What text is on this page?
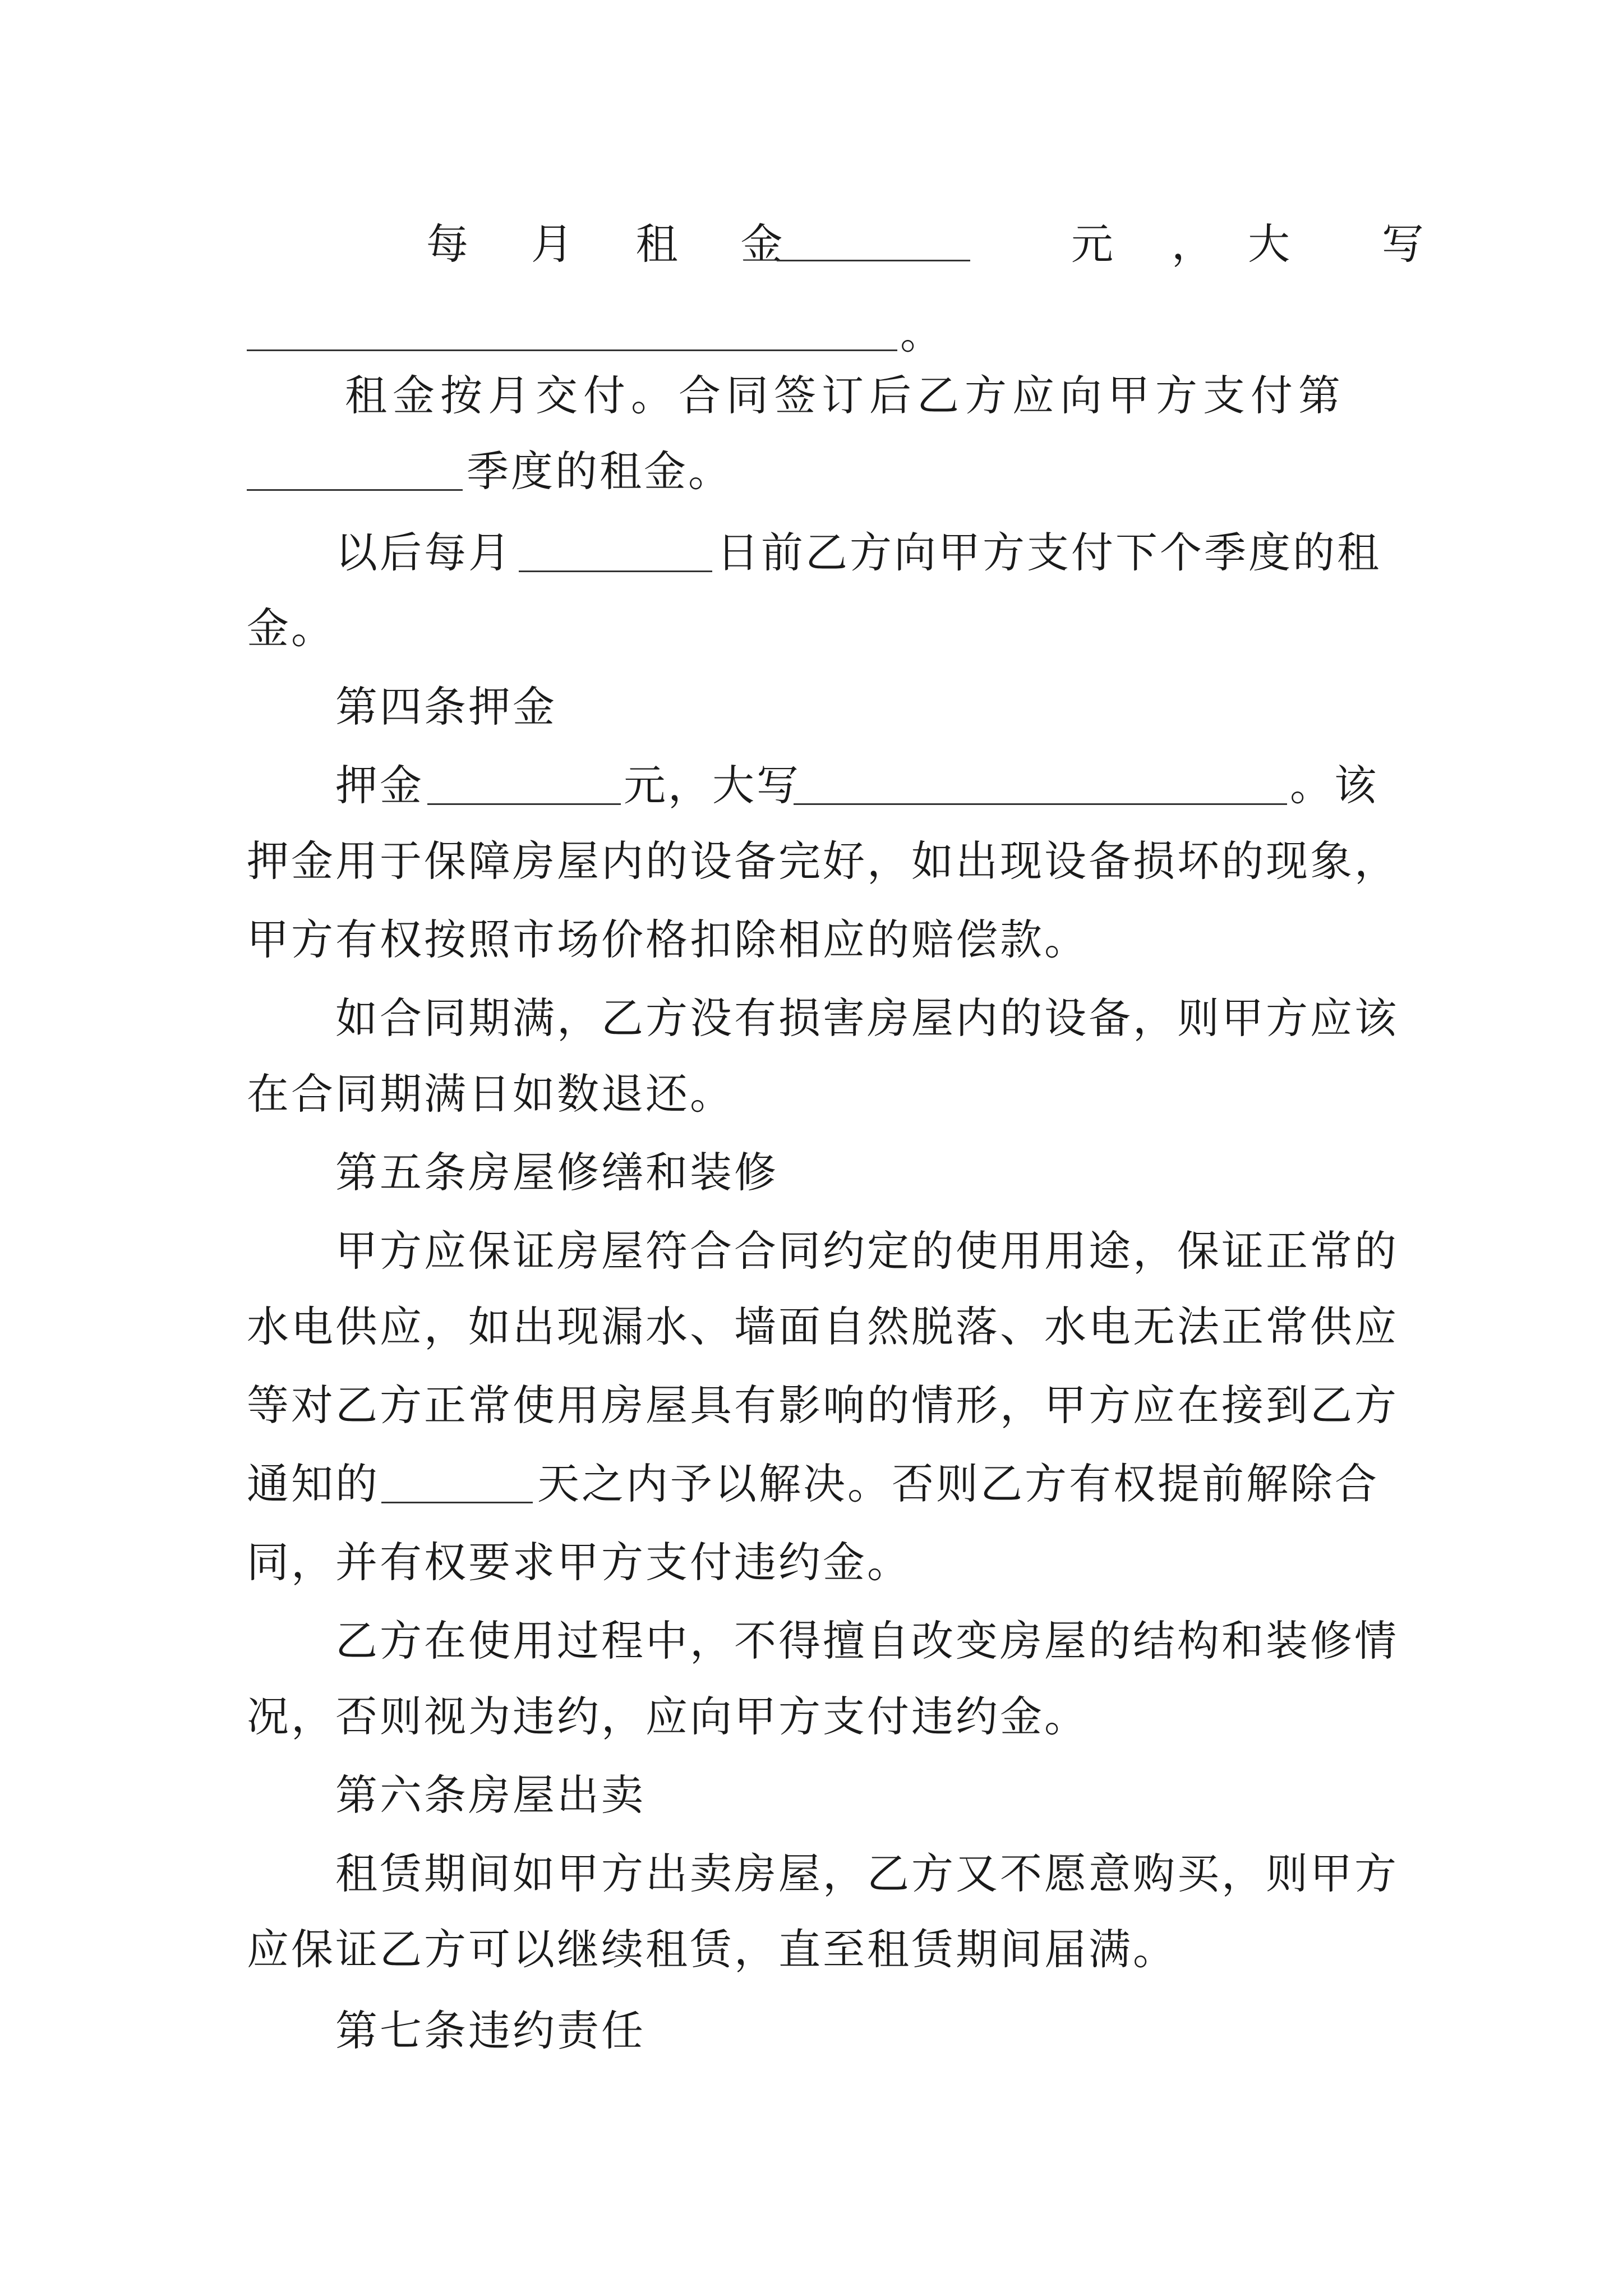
每 月 租 金	元 ， 大 写
。
租金按月交付。合同签订后乙方应向甲方支付第
季度的租金。
以后每月	日前乙方向甲方支付下个季度的租
金。
第四条押金
押金	元，大写	。该
押金用于保障房屋内的设备完好，如出现设备损坏的现象，
甲方有权按照市场价格扣除相应的赔偿款。
如合同期满，乙方没有损害房屋内的设备，则甲方应该
在合同期满日如数退还。
第五条房屋修缮和装修
甲方应保证房屋符合合同约定的使用用途，保证正常的
水电供应，如出现漏水、墙面自然脱落、水电无法正常供应
等对乙方正常使用房屋具有影响的情形，甲方应在接到乙方
通知的	天之内予以解决。否则乙方有权提前解除合
同，并有权要求甲方支付违约金。
乙方在使用过程中，不得擅自改变房屋的结构和装修情
况，否则视为违约，应向甲方支付违约金。
第六条房屋出卖
租赁期间如甲方出卖房屋，乙方又不愿意购买，则甲方
应保证乙方可以继续租赁，直至租赁期间届满。
第七条违约责任
